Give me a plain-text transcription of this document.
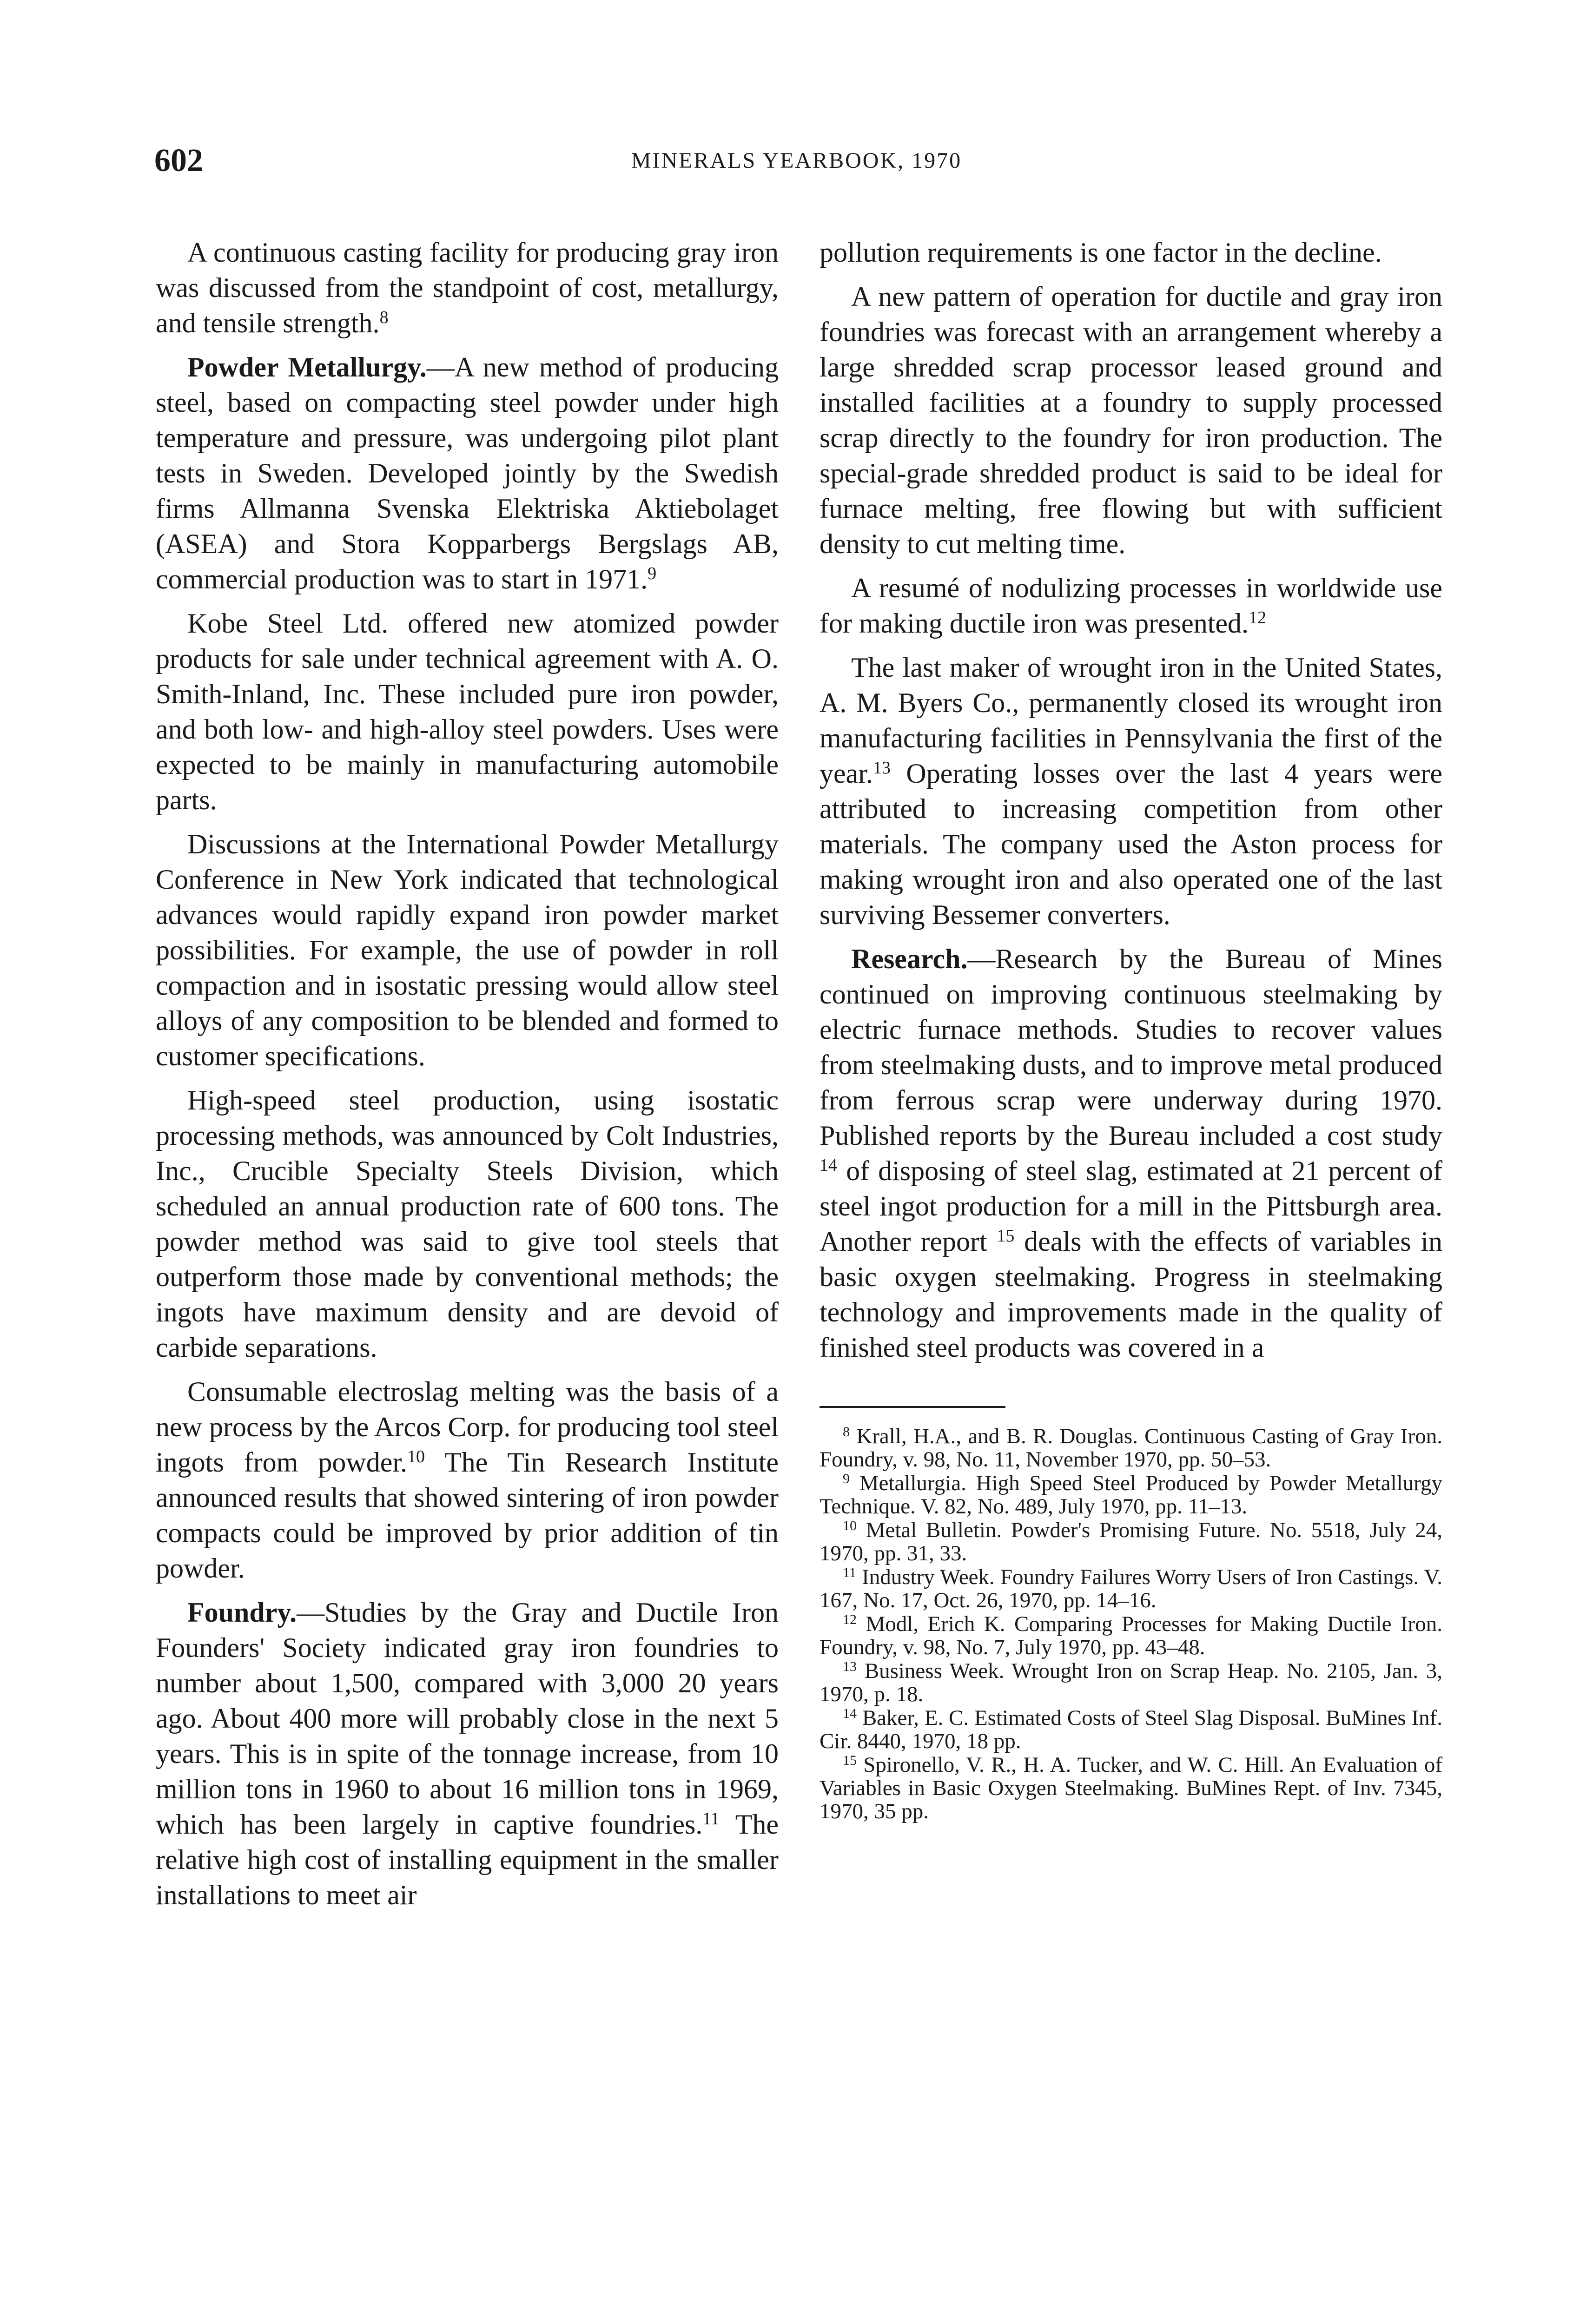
602	MINERALS YEARBOOK, 1970

A continuous casting facility for producing gray iron was discussed from the standpoint of cost, metallurgy, and tensile strength.$^8$

Powder Metallurgy.—A new method of producing steel, based on compacting steel powder under high temperature and pressure, was undergoing pilot plant tests in Sweden. Developed jointly by the Swedish firms Allmanna Svenska Elektriska Aktiebolaget (ASEA) and Stora Kopparbergs Bergslags AB, commercial production was to start in 1971.$^9$

Kobe Steel Ltd. offered new atomized powder products for sale under technical agreement with A. O. Smith-Inland, Inc. These included pure iron powder, and both low- and high-alloy steel powders. Uses were expected to be mainly in manufacturing automobile parts.

Discussions at the International Powder Metallurgy Conference in New York indicated that technological advances would rapidly expand iron powder market possibilities. For example, the use of powder in roll compaction and in isostatic pressing would allow steel alloys of any composition to be blended and formed to customer specifications.

High-speed steel production, using isostatic processing methods, was announced by Colt Industries, Inc., Crucible Specialty Steels Division, which scheduled an annual production rate of 600 tons. The powder method was said to give tool steels that outperform those made by conventional methods; the ingots have maximum density and are devoid of carbide separations.

Consumable electroslag melting was the basis of a new process by the Arcos Corp. for producing tool steel ingots from powder.$^{10}$ The Tin Research Institute announced results that showed sintering of iron powder compacts could be improved by prior addition of tin powder.

Foundry.—Studies by the Gray and Ductile Iron Founders' Society indicated gray iron foundries to number about 1,500, compared with 3,000 20 years ago. About 400 more will probably close in the next 5 years. This is in spite of the tonnage increase, from 10 million tons in 1960 to about 16 million tons in 1969, which has been largely in captive foundries.$^{11}$ The relative high cost of installing equipment in the smaller installations to meet air

pollution requirements is one factor in the decline.

A new pattern of operation for ductile and gray iron foundries was forecast with an arrangement whereby a large shredded scrap processor leased ground and installed facilities at a foundry to supply processed scrap directly to the foundry for iron production. The special-grade shredded product is said to be ideal for furnace melting, free flowing but with sufficient density to cut melting time.

A resumé of nodulizing processes in worldwide use for making ductile iron was presented.$^{12}$

The last maker of wrought iron in the United States, A. M. Byers Co., permanently closed its wrought iron manufacturing facilities in Pennsylvania the first of the year.$^{13}$ Operating losses over the last 4 years were attributed to increasing competition from other materials. The company used the Aston process for making wrought iron and also operated one of the last surviving Bessemer converters.

Research.—Research by the Bureau of Mines continued on improving continuous steelmaking by electric furnace methods. Studies to recover values from steelmaking dusts, and to improve metal produced from ferrous scrap were underway during 1970. Published reports by the Bureau included a cost study $^{14}$ of disposing of steel slag, estimated at 21 percent of steel ingot production for a mill in the Pittsburgh area. Another report $^{15}$ deals with the effects of variables in basic oxygen steelmaking. Progress in steelmaking technology and improvements made in the quality of finished steel products was covered in a

$^8$ Krall, H.A., and B. R. Douglas. Continuous Casting of Gray Iron. Foundry, v. 98, No. 11, November 1970, pp. 50–53.
$^9$ Metallurgia. High Speed Steel Produced by Powder Metallurgy Technique. V. 82, No. 489, July 1970, pp. 11–13.
$^{10}$ Metal Bulletin. Powder's Promising Future. No. 5518, July 24, 1970, pp. 31, 33.
$^{11}$ Industry Week. Foundry Failures Worry Users of Iron Castings. V. 167, No. 17, Oct. 26, 1970, pp. 14–16.
$^{12}$ Modl, Erich K. Comparing Processes for Making Ductile Iron. Foundry, v. 98, No. 7, July 1970, pp. 43–48.
$^{13}$ Business Week. Wrought Iron on Scrap Heap. No. 2105, Jan. 3, 1970, p. 18.
$^{14}$ Baker, E. C. Estimated Costs of Steel Slag Disposal. BuMines Inf. Cir. 8440, 1970, 18 pp.
$^{15}$ Spironello, V. R., H. A. Tucker, and W. C. Hill. An Evaluation of Variables in Basic Oxygen Steelmaking. BuMines Rept. of Inv. 7345, 1970, 35 pp.
